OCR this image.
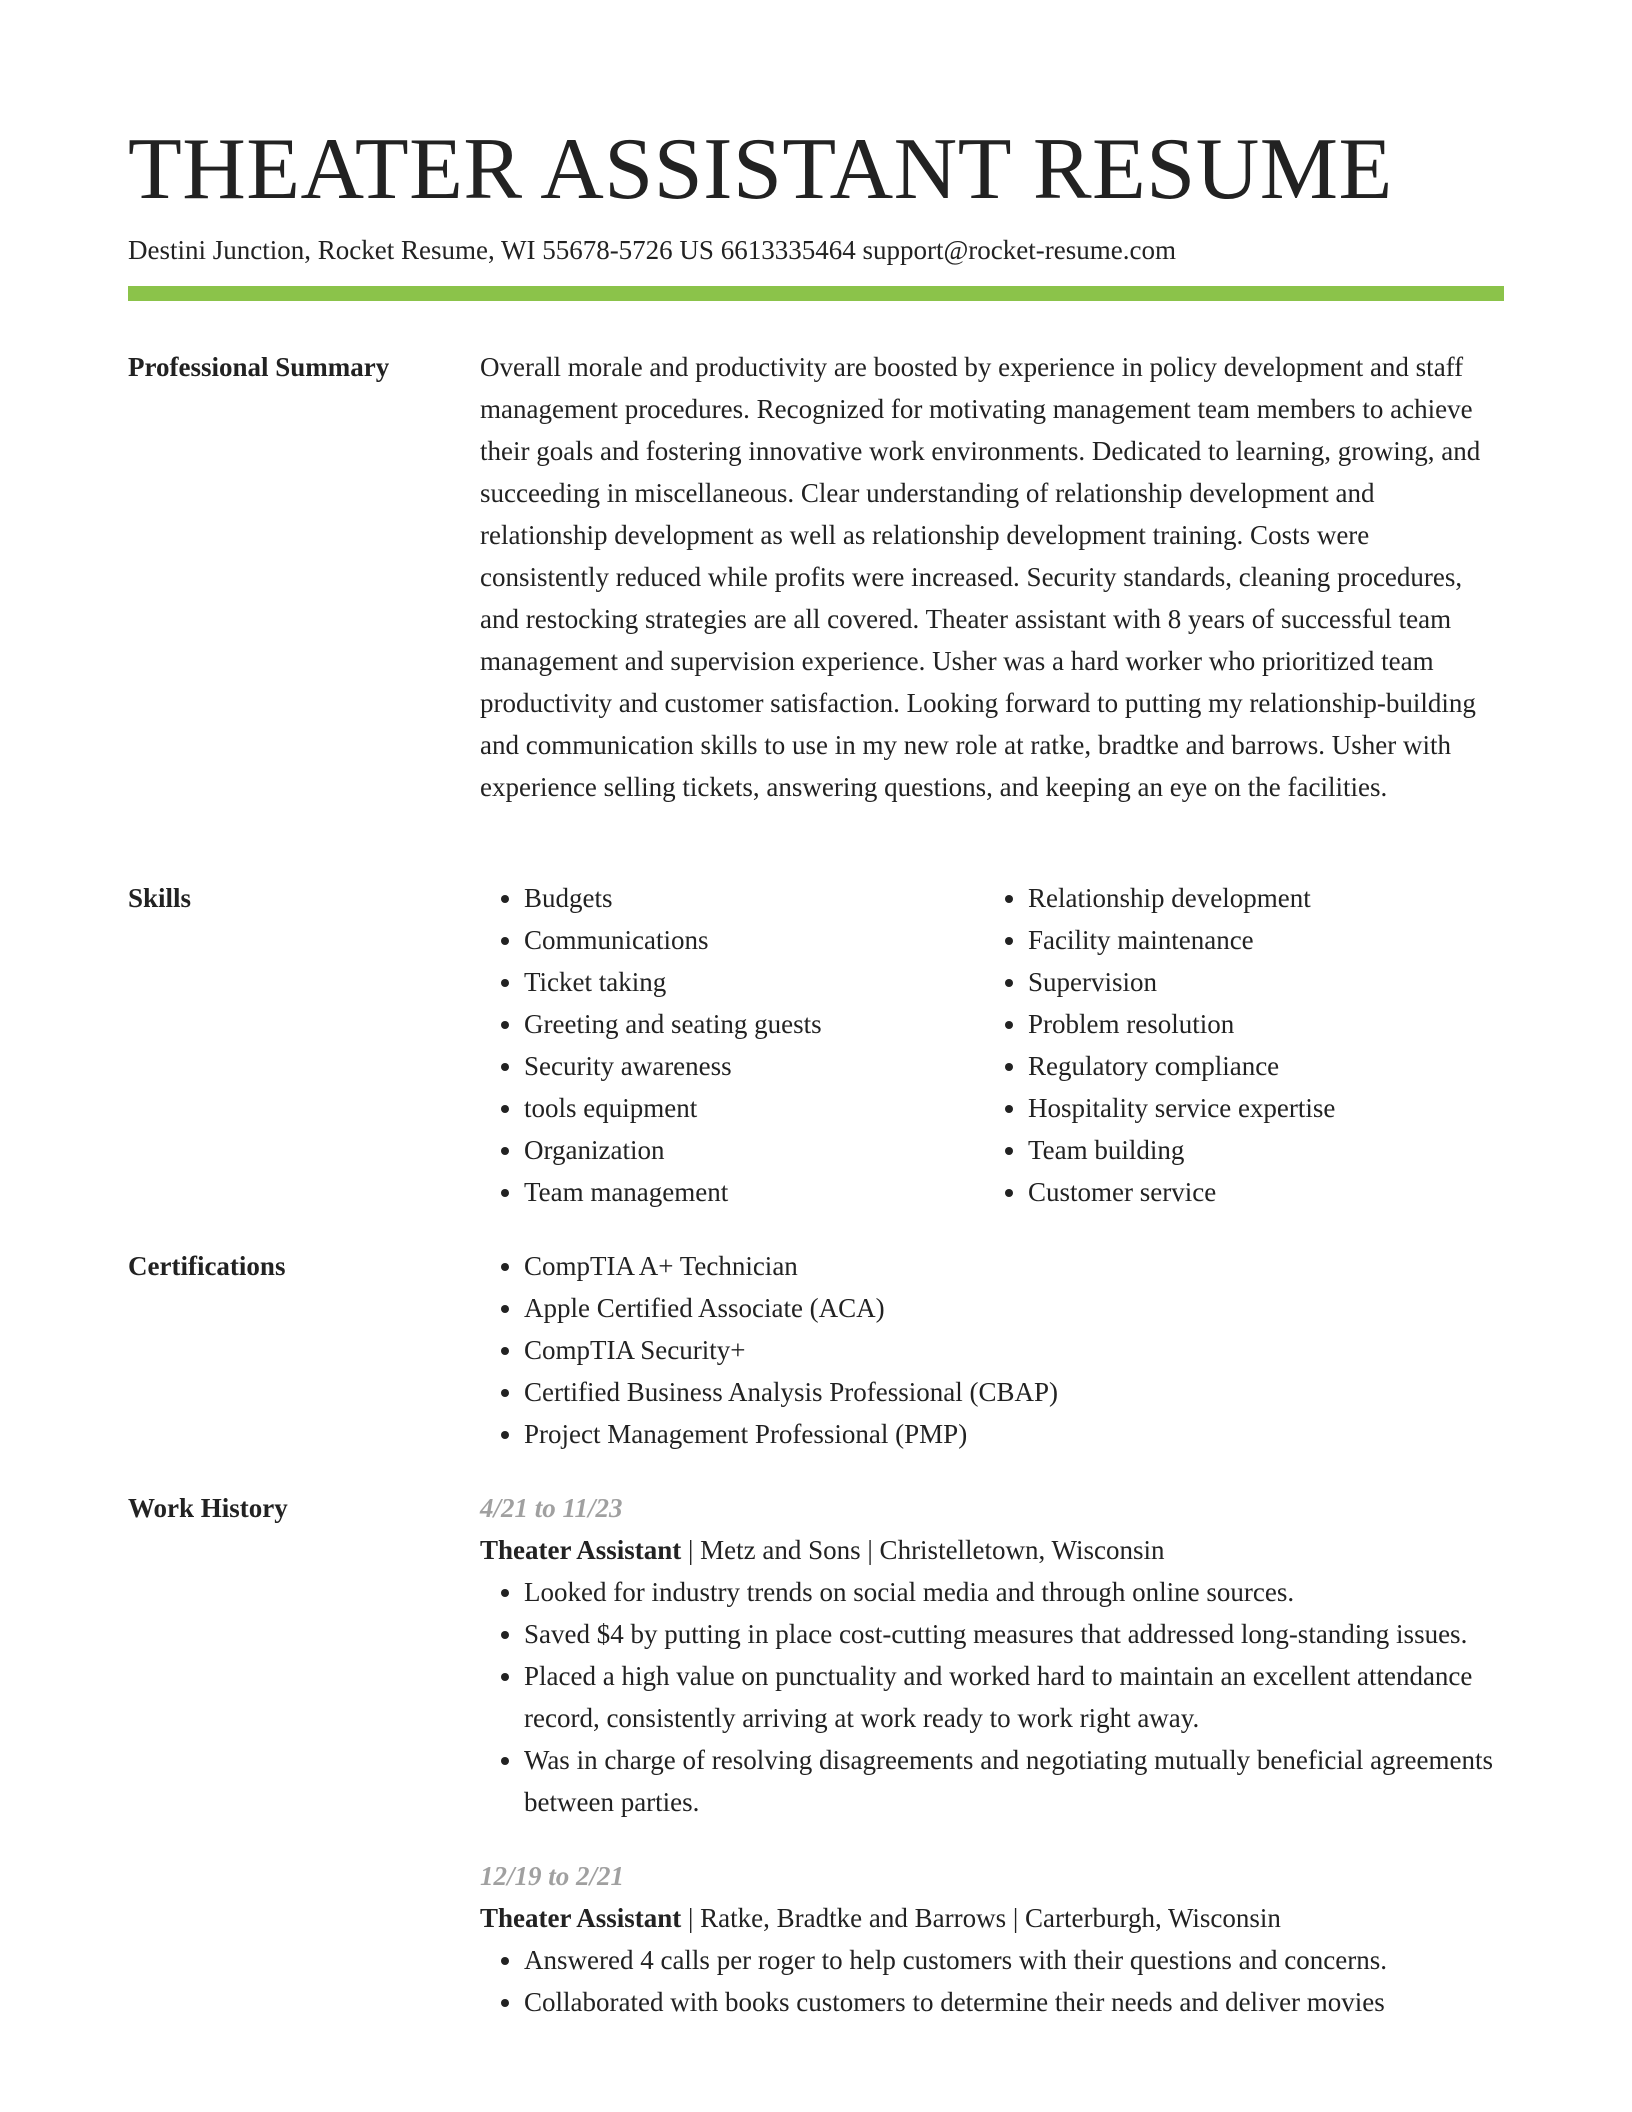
THEATER ASSISTANT RESUME

Destini Junction, Rocket Resume, WI 55678-5726 US 6613335464 support@rocket-resume.com

Professional Summary	Overall morale and productivity are boosted by experience in policy development and staff management procedures. Recognized for motivating management team members to achieve their goals and fostering innovative work environments. Dedicated to learning, growing, and succeeding in miscellaneous. Clear understanding of relationship development and relationship development as well as relationship development training. Costs were consistently reduced while profits were increased. Security standards, cleaning procedures, and restocking strategies are all covered. Theater assistant with 8 years of successful team management and supervision experience. Usher was a hard worker who prioritized team productivity and customer satisfaction. Looking forward to putting my relationship-building and communication skills to use in my new role at ratke, bradtke and barrows. Usher with experience selling tickets, answering questions, and keeping an eye on the facilities.

Skills	• Budgets
• Communications
• Ticket taking
• Greeting and seating guests
• Security awareness
• tools equipment
• Organization
• Team management
• Relationship development
• Facility maintenance
• Supervision
• Problem resolution
• Regulatory compliance
• Hospitality service expertise
• Team building
• Customer service
Certifications	• CompTIA A+ Technician
• Apple Certified Associate (ACA)
• CompTIA Security+
• Certified Business Analysis Professional (CBAP)
• Project Management Professional (PMP)
Work History	4/21 to 11/23

Theater Assistant | Metz and Sons | Christelletown, Wisconsin

• Looked for industry trends on social media and through online sources.
• Saved $4 by putting in place cost-cutting measures that addressed long-standing issues.
• Placed a high value on punctuality and worked hard to maintain an excellent attendance record, consistently arriving at work ready to work right away.
• Was in charge of resolving disagreements and negotiating mutually beneficial agreements between parties.

12/19 to 2/21

Theater Assistant | Ratke, Bradtke and Barrows | Carterburgh, Wisconsin

• Answered 4 calls per roger to help customers with their questions and concerns.
• Collaborated with books customers to determine their needs and deliver movies
